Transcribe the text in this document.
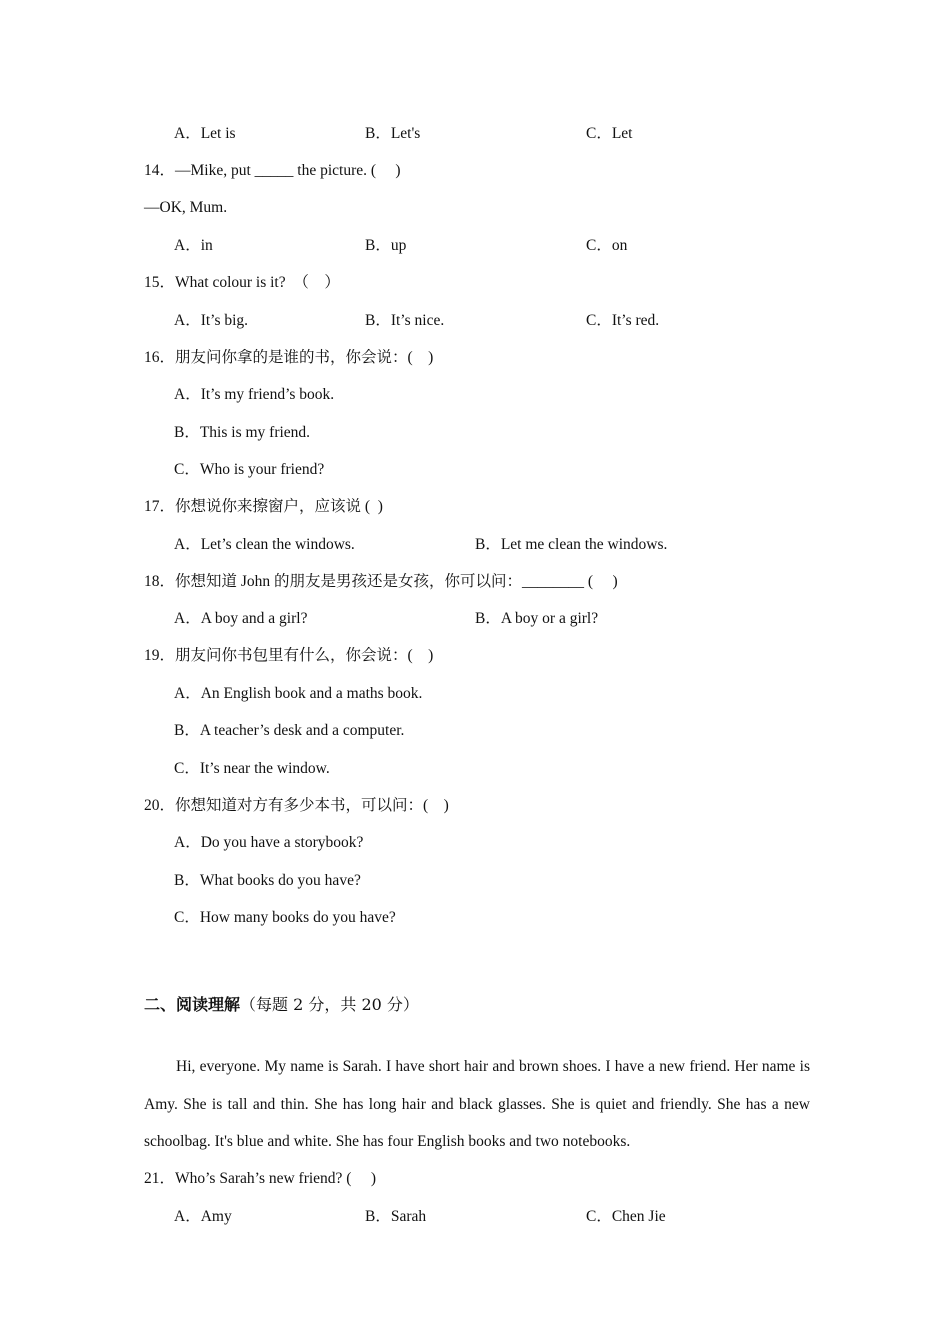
A．Let is	B．Let's	C．Let
14．—Mike, put _____ the picture. (     )
—OK, Mum.
A．in	B．up	C．on
15．What colour is it?  （    ）
A．It’s big.	B．It’s nice.	C．It’s red.
16．朋友问你拿的是谁的书，你会说：(    )
A．It’s my friend’s book.
B．This is my friend.
C．Who is your friend?
17．你想说你来擦窗户，应该说 (  )
A．Let’s clean the windows.	B．Let me clean the windows.
18．你想知道 John 的朋友是男孩还是女孩，你可以问：________ (     )
A．A boy and a girl?	B．A boy or a girl?
19．朋友问你书包里有什么，你会说：(    )
A．An English book and a maths book.
B．A teacher’s desk and a computer.
C．It’s near the window.
20．你想知道对方有多少本书，可以问：(    )
A．Do you have a storybook?
B．What books do you have?
C．How many books do you have?
二、阅读理解（每题 2 分，共 20 分）
Hi, everyone. My name is Sarah. I have short hair and brown shoes. I have a new friend. Her name is Amy. She is tall and thin. She has long hair and black glasses. She is quiet and friendly. She has a new schoolbag. It's blue and white. She has four English books and two notebooks.
21．Who’s Sarah’s new friend? (     )
A．Amy	B．Sarah	C．Chen Jie
